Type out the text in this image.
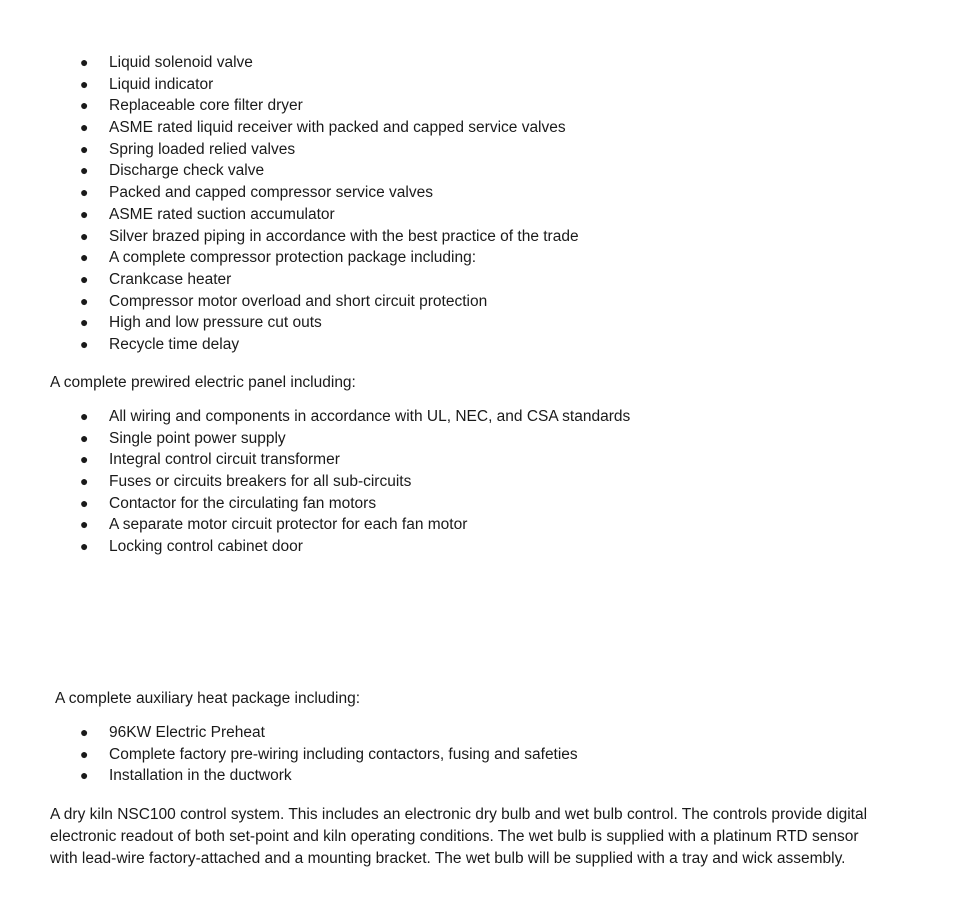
● Liquid solenoid valve
● Liquid indicator
● Replaceable core filter dryer
● ASME rated liquid receiver with packed and capped service valves
● Spring loaded relied valves
● Discharge check valve
● Packed and capped compressor service valves
● ASME rated suction accumulator
● Silver brazed piping in accordance with the best practice of the trade
● A complete compressor protection package including:
● Crankcase heater
● Compressor motor overload and short circuit protection
● High and low pressure cut outs
● Recycle time delay
A complete prewired electric panel including:
● All wiring and components in accordance with UL, NEC, and CSA standards
● Single point power supply
● Integral control circuit transformer
● Fuses or circuits breakers for all sub-circuits
● Contactor for the circulating fan motors
● A separate motor circuit protector for each fan motor
● Locking control cabinet door
A complete auxiliary heat package including:
● 96KW Electric Preheat
● Complete factory pre-wiring including contactors, fusing and safeties
● Installation in the ductwork
A dry kiln NSC100 control system. This includes an electronic dry bulb and wet bulb control. The controls provide digital
electronic readout of both set-point and kiln operating conditions. The wet bulb is supplied with a platinum RTD sensor
with lead-wire factory-attached and a mounting bracket. The wet bulb will be supplied with a tray and wick assembly.
